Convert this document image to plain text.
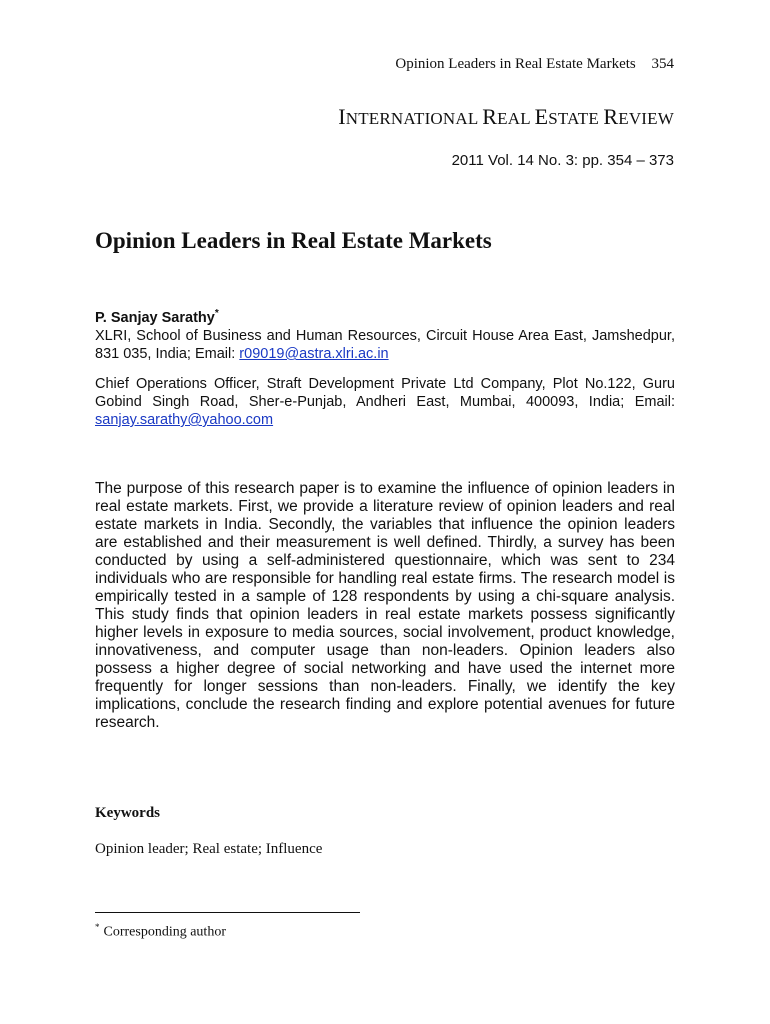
Opinion Leaders in Real Estate Markets 354
INTERNATIONAL REAL ESTATE REVIEW
2011 Vol. 14 No. 3: pp. 354 – 373
Opinion Leaders in Real Estate Markets
P. Sanjay Sarathy*
XLRI, School of Business and Human Resources, Circuit House Area East, Jamshedpur, 831 035, India; Email: r09019@astra.xlri.ac.in
Chief Operations Officer, Straft Development Private Ltd Company, Plot No.122, Guru Gobind Singh Road, Sher-e-Punjab, Andheri East, Mumbai, 400093, India; Email: sanjay.sarathy@yahoo.com

The purpose of this research paper is to examine the influence of opinion leaders in real estate markets. First, we provide a literature review of opinion leaders and real estate markets in India. Secondly, the variables that influence the opinion leaders are established and their measurement is well defined. Thirdly, a survey has been conducted by using a self-administered questionnaire, which was sent to 234 individuals who are responsible for handling real estate firms. The research model is empirically tested in a sample of 128 respondents by using a chi-square analysis. This study finds that opinion leaders in real estate markets possess significantly higher levels in exposure to media sources, social involvement, product knowledge, innovativeness, and computer usage than non-leaders. Opinion leaders also possess a higher degree of social networking and have used the internet more frequently for longer sessions than non-leaders. Finally, we identify the key implications, conclude the research finding and explore potential avenues for future research.

Keywords
Opinion leader; Real estate; Influence
* Corresponding author
